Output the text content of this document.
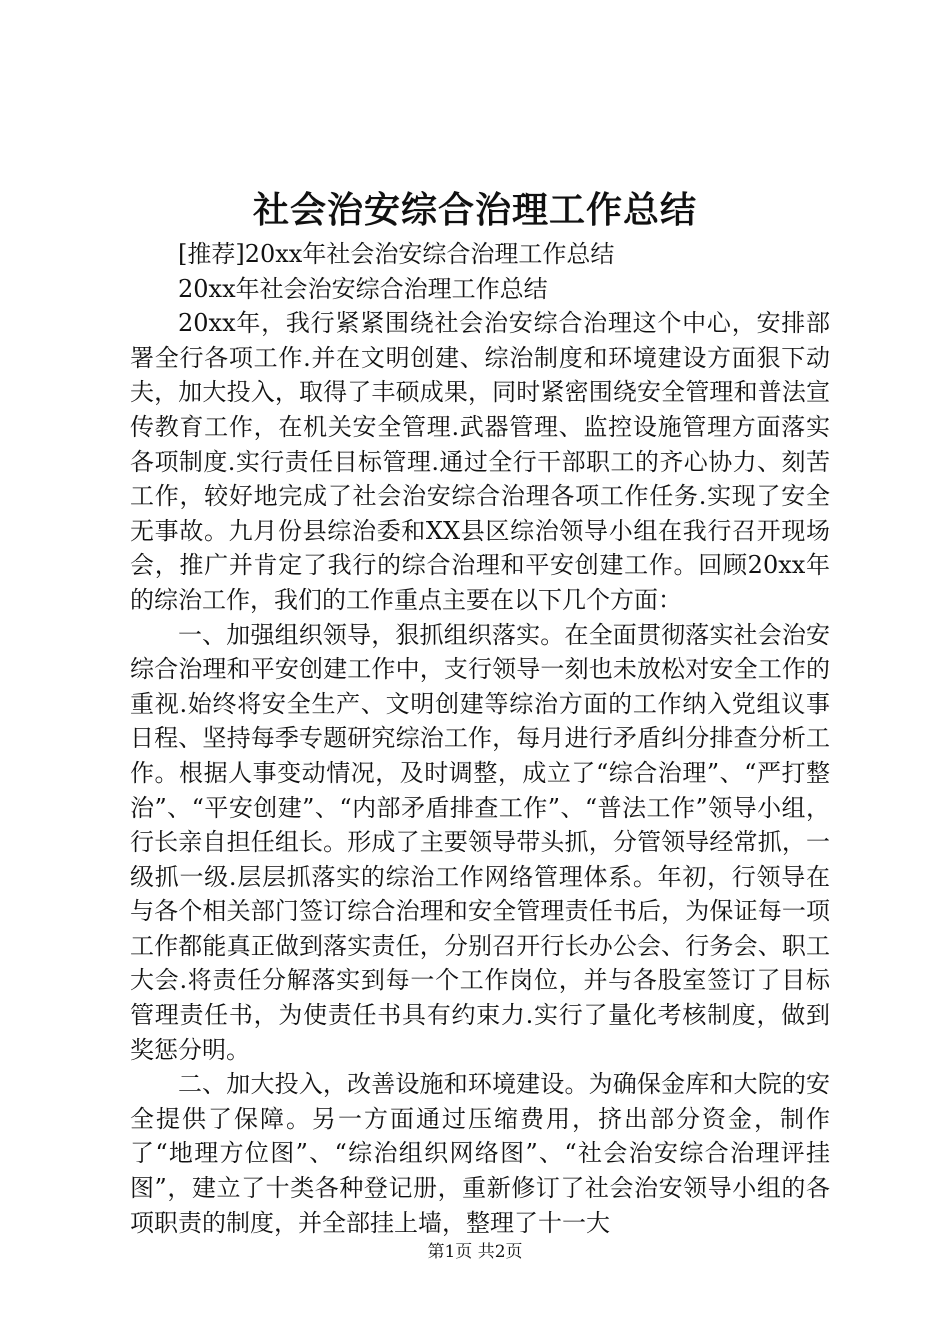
社会治安综合治理工作总结

[推荐]20xx年社会治安综合治理工作总结

20xx年社会治安综合治理工作总结

20xx年，我行紧紧围绕社会治安综合治理这个中心，安排部署全行各项工作.并在文明创建、综治制度和环境建设方面狠下动夫，加大投入，取得了丰硕成果，同时紧密围绕安全管理和普法宣传教育工作，在机关安全管理.武器管理、监控设施管理方面落实各项制度.实行责任目标管理.通过全行干部职工的齐心协力、刻苦工作，较好地完成了社会治安综合治理各项工作任务.实现了安全无事故。九月份县综治委和XX县区综治领导小组在我行召开现场会，推广并肯定了我行的综合治理和平安创建工作。回顾20xx年的综治工作，我们的工作重点主要在以下几个方面：

一、加强组织领导，狠抓组织落实。在全面贯彻落实社会治安综合治理和平安创建工作中，支行领导一刻也未放松对安全工作的重视.始终将安全生产、文明创建等综治方面的工作纳入党组议事日程、坚持每季专题研究综治工作，每月进行矛盾纠分排查分析工作。根据人事变动情况，及时调整，成立了“综合治理”、“严打整治”、“平安创建”、“内部矛盾排查工作”、“普法工作”领导小组，行长亲自担任组长。形成了主要领导带头抓，分管领导经常抓，一级抓一级.层层抓落实的综治工作网络管理体系。年初，行领导在与各个相关部门签订综合治理和安全管理责任书后，为保证每一项工作都能真正做到落实责任，分别召开行长办公会、行务会、职工大会.将责任分解落实到每一个工作岗位，并与各股室签订了目标管理责任书，为使责任书具有约束力.实行了量化考核制度，做到奖惩分明。

二、加大投入，改善设施和环境建设。为确保金库和大院的安全提供了保障。另一方面通过压缩费用，挤出部分资金，制作了“地理方位图”、“综治组织网络图”、“社会治安综合治理评挂图”，建立了十类各种登记册，重新修订了社会治安领导小组的各项职责的制度，并全部挂上墙，整理了十一大

第1页 共2页
